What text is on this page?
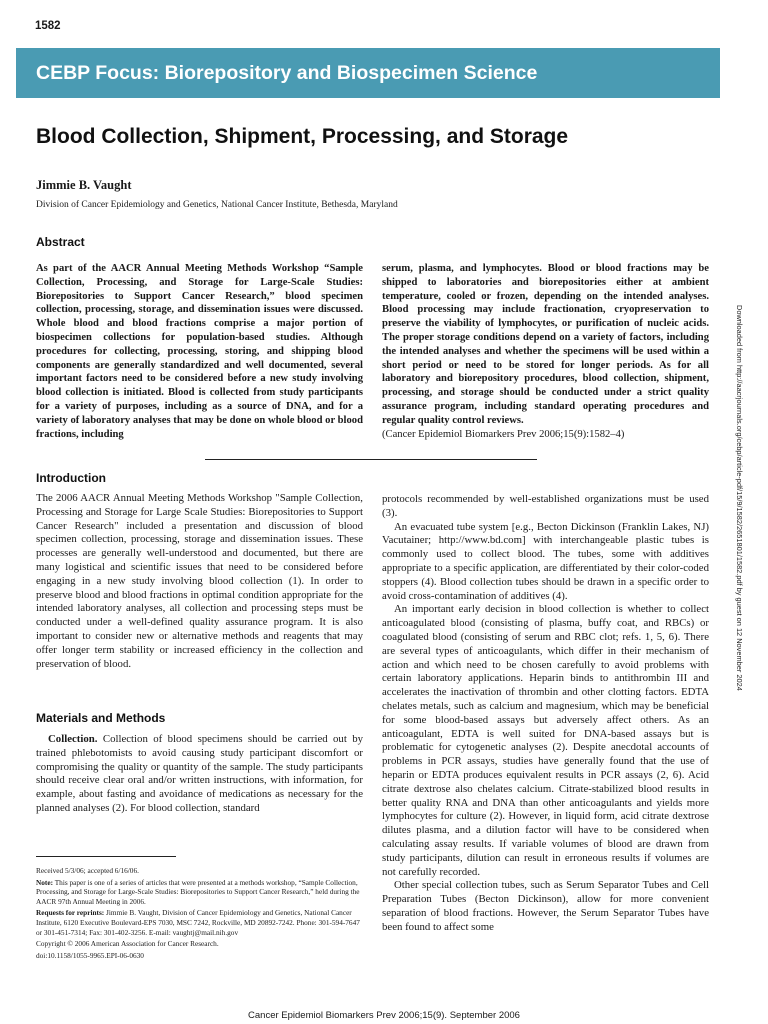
1582
CEBP Focus: Biorepository and Biospecimen Science
Blood Collection, Shipment, Processing, and Storage
Jimmie B. Vaught
Division of Cancer Epidemiology and Genetics, National Cancer Institute, Bethesda, Maryland
Abstract
As part of the AACR Annual Meeting Methods Workshop “Sample Collection, Processing, and Storage for Large-Scale Studies: Biorepositories to Support Cancer Research,” blood specimen collection, processing, storage, and dissemination issues were discussed. Whole blood and blood fractions comprise a major portion of biospecimen collections for population-based studies. Although procedures for collecting, processing, storing, and shipping blood components are generally standardized and well documented, several important factors need to be considered before a new study involving blood collection is initiated. Blood is collected from study participants for a variety of purposes, including as a source of DNA, and for a variety of laboratory analyses that may be done on whole blood or blood fractions, including
serum, plasma, and lymphocytes. Blood or blood fractions may be shipped to laboratories and biorepositories either at ambient temperature, cooled or frozen, depending on the intended analyses. Blood processing may include fractionation, cryopreservation to preserve the viability of lymphocytes, or purification of nucleic acids. The proper storage conditions depend on a variety of factors, including the intended analyses and whether the specimens will be used within a short period or need to be stored for longer periods. As for all laboratory and biorepository procedures, blood collection, shipment, processing, and storage should be conducted under a strict quality assurance program, including standard operating procedures and regular quality control reviews.
(Cancer Epidemiol Biomarkers Prev 2006;15(9):1582–4)
Introduction
The 2006 AACR Annual Meeting Methods Workshop "Sample Collection, Processing and Storage for Large Scale Studies: Biorepositories to Support Cancer Research" included a presentation and discussion of blood specimen collection, processing, storage and dissemination issues. These processes are generally well-understood and documented, but there are many logistical and scientific issues that need to be considered before engaging in a new study involving blood collection (1). In order to preserve blood and blood fractions in optimal condition appropriate for the intended laboratory analyses, all collection and processing steps must be conducted under a well-defined quality assurance program. It is also important to consider new or alternative methods and reagents that may offer longer term stability or increased efficiency in the collection and preservation of blood.
Materials and Methods
Collection. Collection of blood specimens should be carried out by trained phlebotomists to avoid causing study participant discomfort or compromising the quality or quantity of the sample. The study participants should receive clear oral and/or written instructions, with information, for example, about fasting and avoidance of medications as necessary for the planned analyses (2). For blood collection, standard

protocols recommended by well-established organizations must be used (3).

An evacuated tube system [e.g., Becton Dickinson (Franklin Lakes, NJ) Vacutainer; http://www.bd.com] with interchangeable plastic tubes is commonly used to collect blood. The tubes, some with additives appropriate to a specific application, are differentiated by their color-coded stoppers (4). Blood collection tubes should be drawn in a specific order to avoid cross-contamination of additives (4).

An important early decision in blood collection is whether to collect anticoagulated blood (consisting of plasma, buffy coat, and RBCs) or coagulated blood (consisting of serum and RBC clot; refs. 1, 5, 6). There are several types of anticoagulants, which differ in their mechanism of action and which need to be chosen carefully to avoid problems with certain laboratory applications. Heparin binds to antithrombin III and accelerates the inactivation of thrombin and other clotting factors. EDTA chelates metals, such as calcium and magnesium, which may be beneficial for some blood-based assays but adversely affect others. As an anticoagulant, EDTA is well suited for DNA-based assays but is problematic for cytogenetic analyses (2). Despite anecdotal accounts of problems in PCR assays, studies have generally found that the use of heparin or EDTA produces equivalent results in PCR assays (2, 6). Acid citrate dextrose also chelates calcium. Citrate-stabilized blood results in better quality RNA and DNA than other anticoagulants and yields more lymphocytes for culture (2). However, in liquid form, acid citrate dextrose dilutes plasma, and a dilution factor will have to be considered when calculating assay results. If variable volumes of blood are drawn from study participants, dilution can result in erroneous results if volumes are not carefully recorded.

Other special collection tubes, such as Serum Separator Tubes and Cell Preparation Tubes (Becton Dickinson), allow for more convenient separation of blood fractions. However, the Serum Separator Tubes have been found to affect some

Received 5/3/06; accepted 6/16/06.

Note: This paper is one of a series of articles that were presented at a methods workshop, “Sample Collection, Processing, and Storage for Large-Scale Studies: Biorepositories to Support Cancer Research,” held during the AACR 97th Annual Meeting in 2006.

Requests for reprints: Jimmie B. Vaught, Division of Cancer Epidemiology and Genetics, National Cancer Institute, 6120 Executive Boulevard-EPS 7030, MSC 7242, Rockville, MD 20892-7242. Phone: 301-594-7647 or 301-451-7314; Fax: 301-402-3256. E-mail: vaughtj@mail.nih.gov

Copyright © 2006 American Association for Cancer Research.

doi:10.1158/1055-9965.EPI-06-0630

Cancer Epidemiol Biomarkers Prev 2006;15(9). September 2006
Downloaded from http://aacrjournals.org/cebp/article-pdf/15/9/1582/2651801/1582.pdf by guest on 12 November 2024
